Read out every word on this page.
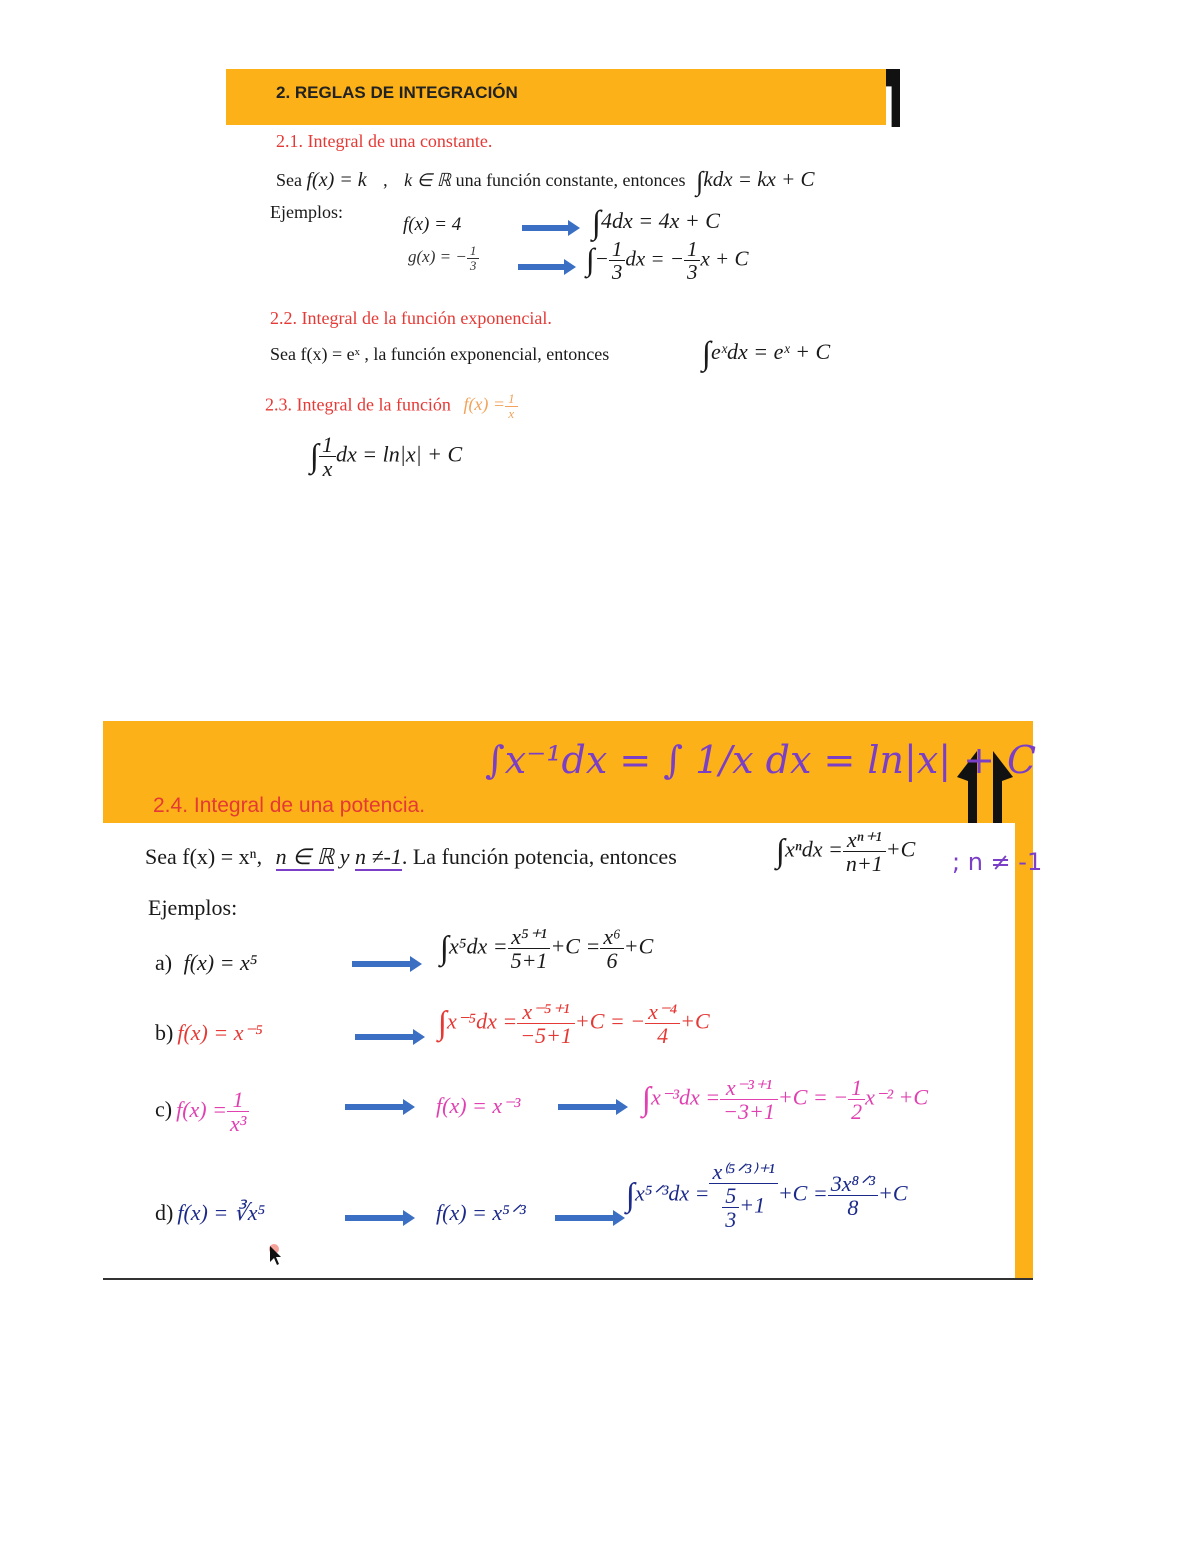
2. REGLAS DE INTEGRACIÓN
2.1. Integral de una constante.
Sea f(x) = k , k ∈ ℝ una función constante, entonces ∫kdx = kx + C
Ejemplos:
f(x) = 4	∫4dx = 4x + C
g(x) = − $\frac{1}{3}$	∫− $\frac{1}{3}$ dx = − $\frac{1}{3}$ x + C
2.2. Integral de la función exponencial.
Sea f(x) = eˣ , la función exponencial, entonces	∫eˣdx = eˣ + C
2.3. Integral de la función $f(x) = \frac{1}{x}$
∫ $\frac{1}{x}$ dx = ln|x| + C
∫x⁻¹dx = ∫ 1/x dx = ln|x| + C
2.4. Integral de una potencia.
Sea f(x) = xⁿ, n ∈ ℝ y n ≠-1. La función potencia, entonces	$\int x^ndx = \frac{\text{xⁿ⁺¹}}{n+1} +C$ ; n ≠ -1
Ejemplos:
a) f(x) = x⁵	$\int x^5dx = \frac{\text{x⁵⁺¹}}{5+1} +C = \frac{\text{x⁶}}{6} +C$
b) f(x) = x⁻⁵	$\int x^{-5}dx = \frac{\text{x⁻⁵⁺¹}}{-5+1} +C$ = − $\frac{\text{x⁻⁴}}{4} +C$
c) $f(x) = \frac{1}{\text{x³}}$	f(x) = x⁻³	$\int x^{-3}dx = \frac{\text{x⁻³⁺¹}}{-3+1} +C$ = − $\frac{1}{2} x^{-2} +C$
d) f(x) = ∛x⁵	f(x) = x⁵ᐟ³	∫x⁵ᐟ³dx = $\frac{\text{x⁽⁵ᐟ³⁾⁺¹}}{\frac{5}{3} +1} +C = \frac{\text{3x⁸ᐟ³}}{8} +C$
